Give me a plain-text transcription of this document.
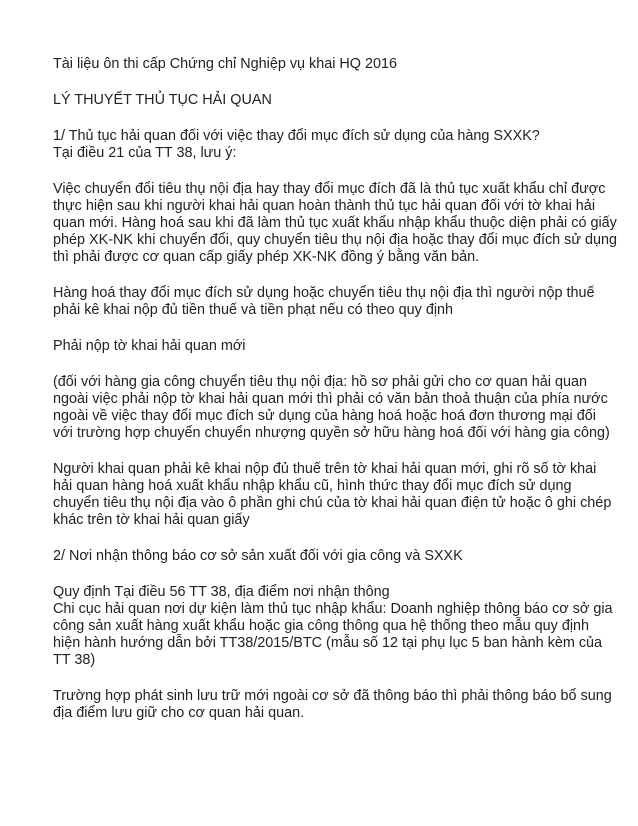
Tài liệu ôn thi cấp Chứng chỉ Nghiệp vụ khai HQ 2016

LÝ THUYẾT THỦ TỤC HẢI QUAN

1/ Thủ tục hải quan đối với việc thay đổi mục đích sử dụng của hàng SXXK?
Tại điều 21 của TT 38, lưu ý:

Việc chuyển đổi tiêu thụ nội địa hay thay đổi mục đích đã là thủ tục xuất khẩu chỉ được
thực hiện sau khi người khai hải quan hoàn thành thủ tục hải quan đối với tờ khai hải
quan mới. Hàng hoá sau khi đã làm thủ tục xuất khẩu nhập khẩu thuộc diện phải có giấy
phép XK-NK khi chuyển đổi, quy chuyển tiêu thụ nội địa hoặc thay đổi mục đích sử dụng
thì phải được cơ quan cấp giấy phép XK-NK đồng ý bằng văn bản.

Hàng hoá thay đổi mục đích sử dụng hoặc chuyển tiêu thụ nội địa thì người nộp thuế
phải kê khai nộp đủ tiền thuế và tiền phạt nếu có theo quy định

Phải nộp tờ khai hải quan mới

(đối với hàng gia công chuyển tiêu thụ nội địa: hồ sơ phải gửi cho cơ quan hải quan
ngoài việc phải nộp tờ khai hải quan mới thì phải có văn bản thoả thuận của phía nước
ngoài về việc thay đổi mục đích sử dụng của hàng hoá hoặc hoá đơn thương mại đối
với trường hợp chuyển chuyển nhượng quyền sở hữu hàng hoá đối với hàng gia công)

Người khai quan phải kê khai nộp đủ thuế trên tờ khai hải quan mới, ghi rõ số tờ khai
hải quan hàng hoá xuất khẩu nhập khẩu cũ, hình thức thay đổi mục đích sử dụng
chuyển tiêu thụ nội địa vào ô phần ghi chú của tờ khai hải quan điện tử hoặc ô ghi chép
khác trên tờ khai hải quan giấy

2/ Nơi nhận thông báo cơ sở sản xuất đối với gia công và SXXK

Quy định Tại điều 56 TT 38, địa điểm nơi nhận thông
Chi cục hải quan nơi dự kiện làm thủ tục nhập khẩu: Doanh nghiệp thông báo cơ sở gia
công sản xuất hàng xuất khẩu hoặc gia công thông qua hệ thống theo mẫu quy định
hiện hành hướng dẫn bởi TT38/2015/BTC (mẫu số 12 tại phụ lục 5 ban hành kèm của
TT 38)

Trường hợp phát sinh lưu trữ mới ngoài cơ sở đã thông báo thì phải thông báo bổ sung
địa điểm lưu giữ cho cơ quan hải quan.
